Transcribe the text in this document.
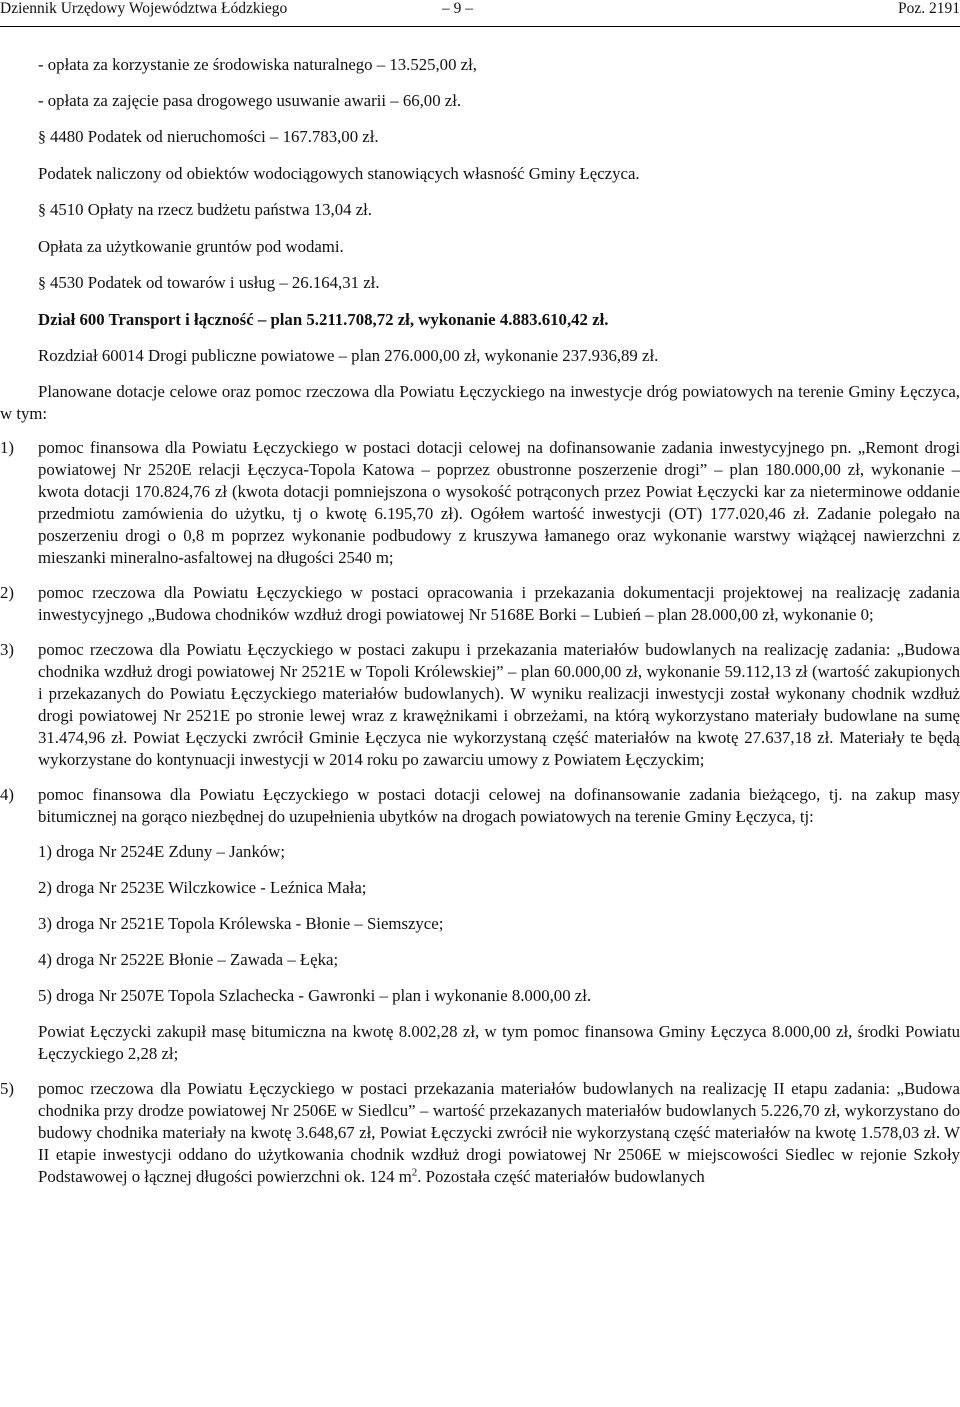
Dziennik Urzędowy Województwa Łódzkiego	– 9 –	Poz. 2191

- opłata za korzystanie ze środowiska naturalnego – 13.525,00 zł,

- opłata za zajęcie pasa drogowego usuwanie awarii – 66,00 zł.

§ 4480 Podatek od nieruchomości – 167.783,00 zł.

Podatek naliczony od obiektów wodociągowych stanowiących własność Gminy Łęczyca.

§ 4510 Opłaty na rzecz budżetu państwa 13,04 zł.

Opłata za użytkowanie gruntów pod wodami.

§ 4530 Podatek od towarów i usług – 26.164,31 zł.

Dział 600 Transport i łączność – plan 5.211.708,72 zł, wykonanie 4.883.610,42 zł.

Rozdział 60014 Drogi publiczne powiatowe – plan 276.000,00 zł, wykonanie 237.936,89 zł.

Planowane dotacje celowe oraz pomoc rzeczowa dla Powiatu Łęczyckiego na inwestycje dróg powiatowych na terenie Gminy Łęczyca, w tym:

1) pomoc finansowa dla Powiatu Łęczyckiego w postaci dotacji celowej na dofinansowanie zadania inwestycyjnego pn. „Remont drogi powiatowej Nr 2520E relacji Łęczyca-Topola Katowa – poprzez obustronne poszerzenie drogi” – plan 180.000,00 zł, wykonanie – kwota dotacji 170.824,76 zł (kwota dotacji pomniejszona o wysokość potrąconych przez Powiat Łęczycki kar za nieterminowe oddanie przedmiotu zamówienia do użytku, tj o kwotę 6.195,70 zł). Ogółem wartość inwestycji (OT) 177.020,46 zł. Zadanie polegało na poszerzeniu drogi o 0,8 m poprzez wykonanie podbudowy z kruszywa łamanego oraz wykonanie warstwy wiążącej nawierzchni z mieszanki mineralno-asfaltowej na długości 2540 m;
2) pomoc rzeczowa dla Powiatu Łęczyckiego w postaci opracowania i przekazania dokumentacji projektowej na realizację zadania inwestycyjnego „Budowa chodników wzdłuż drogi powiatowej Nr 5168E Borki – Lubień – plan 28.000,00 zł, wykonanie 0;
3) pomoc rzeczowa dla Powiatu Łęczyckiego w postaci zakupu i przekazania materiałów budowlanych na realizację zadania: „Budowa chodnika wzdłuż drogi powiatowej Nr 2521E w Topoli Królewskiej” – plan 60.000,00 zł, wykonanie 59.112,13 zł (wartość zakupionych i przekazanych do Powiatu Łęczyckiego materiałów budowlanych). W wyniku realizacji inwestycji został wykonany chodnik wzdłuż drogi powiatowej Nr 2521E po stronie lewej wraz z krawężnikami i obrzeżami, na którą wykorzystano materiały budowlane na sumę 31.474,96 zł. Powiat Łęczycki zwrócił Gminie Łęczyca nie wykorzystaną część materiałów na kwotę 27.637,18 zł. Materiały te będą wykorzystane do kontynuacji inwestycji w 2014 roku po zawarciu umowy z Powiatem Łęczyckim;
4) pomoc finansowa dla Powiatu Łęczyckiego w postaci dotacji celowej na dofinansowanie zadania bieżącego, tj. na zakup masy bitumicznej na gorąco niezbędnej do uzupełnienia ubytków na drogach powiatowych na terenie Gminy Łęczyca, tj:

1) droga Nr 2524E Zduny – Janków;

2) droga Nr 2523E Wilczkowice - Leźnica Mała;

3) droga Nr 2521E Topola Królewska - Błonie – Siemszyce;

4) droga Nr 2522E Błonie – Zawada – Łęka;

5) droga Nr 2507E Topola Szlachecka - Gawronki – plan i wykonanie 8.000,00 zł.

Powiat Łęczycki zakupił masę bitumiczna na kwotę 8.002,28 zł, w tym pomoc finansowa Gminy Łęczyca 8.000,00 zł, środki Powiatu Łęczyckiego 2,28 zł;

5) pomoc rzeczowa dla Powiatu Łęczyckiego w postaci przekazania materiałów budowlanych na realizację II etapu zadania: „Budowa chodnika przy drodze powiatowej Nr 2506E w Siedlcu” – wartość przekazanych materiałów budowlanych 5.226,70 zł, wykorzystano do budowy chodnika materiały na kwotę 3.648,67 zł, Powiat Łęczycki zwrócił nie wykorzystaną część materiałów na kwotę 1.578,03 zł. W II etapie inwestycji oddano do użytkowania chodnik wzdłuż drogi powiatowej Nr 2506E w miejscowości Siedlec w rejonie Szkoły Podstawowej o łącznej długości powierzchni ok. 124 $m^2$. Pozostała część materiałów budowlanych
